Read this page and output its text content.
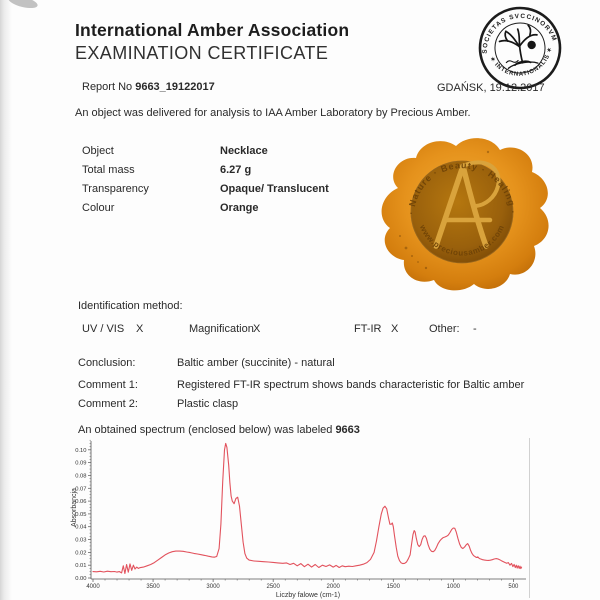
International Amber Association
EXAMINATION CERTIFICATE	SOCIETAS SVCCINORVM
✶ INTERNATIONALIS ✶
Report No 9663_19122017	GDAŃSK, 19.12.2017
An object was delivered for analysis to IAA Amber Laboratory by Precious Amber.
Object	Necklace
Total mass	6.27 g
Transparency	Opaque/ Translucent
Colour	Orange	· Nature · Beauty · Healing ·
www.preciousamber.com
Identification method:
UV / VIS X	Magnification X	FT-IR X	Other: -
Conclusion:	Baltic amber (succinite) - natural
Comment 1:	Registered FT-IR spectrum shows bands characteristic for Baltic amber
Comment 2:	Plastic clasp
An obtained spectrum (enclosed below) was labeled 9663
4000	3500	3000	2500	2000	1500	1000	500
0.00
0.01
0.02
0.03
0.04
0.05
0.06
0.07
0.08
0.09
0.10
Absorbancja
Liczby falowe (cm-1)
